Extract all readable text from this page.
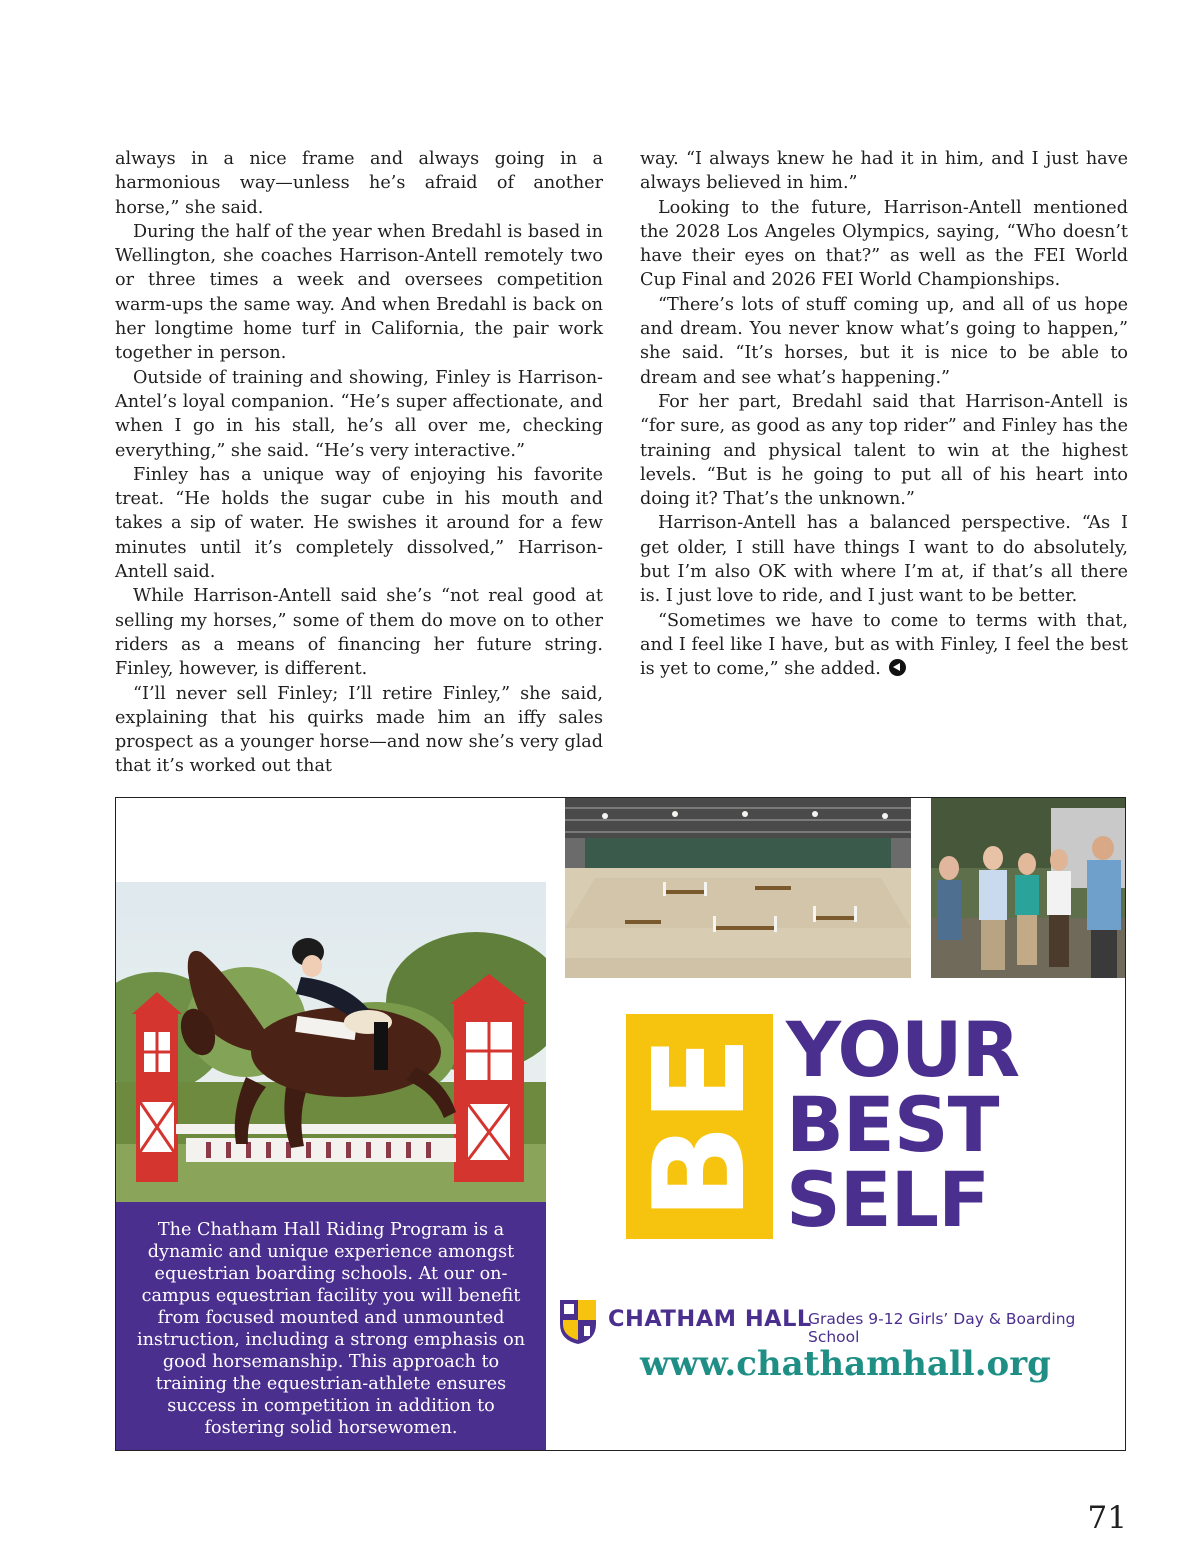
always in a nice frame and always going in a harmonious way—unless he’s afraid of another horse,” she said.

During the half of the year when Bredahl is based in Wellington, she coaches Harrison-Antell remotely two or three times a week and oversees competition warm-ups the same way. And when Bredahl is back on her longtime home turf in California, the pair work together in person.

Outside of training and showing, Finley is Harrison-Antel’s loyal companion. “He’s super affectionate, and when I go in his stall, he’s all over me, checking everything,” she said. “He’s very interactive.”

Finley has a unique way of enjoying his favorite treat. “He holds the sugar cube in his mouth and takes a sip of water. He swishes it around for a few minutes until it’s completely dissolved,” Harrison-Antell said.

While Harrison-Antell said she’s “not real good at selling my horses,” some of them do move on to other riders as a means of financing her future string. Finley, however, is different.

“I’ll never sell Finley; I’ll retire Finley,” she said, explaining that his quirks made him an iffy sales prospect as a younger horse—and now she’s very glad that it’s worked out that

way. “I always knew he had it in him, and I just have always believed in him.”

Looking to the future, Harrison-Antell mentioned the 2028 Los Angeles Olympics, saying, “Who doesn’t have their eyes on that?” as well as the FEI World Cup Final and 2026 FEI World Championships.

“There’s lots of stuff coming up, and all of us hope and dream. You never know what’s going to happen,” she said. “It’s horses, but it is nice to be able to dream and see what’s happening.”

For her part, Bredahl said that Harrison-Antell is “for sure, as good as any top rider” and Finley has the training and physical talent to win at the highest levels. “But is he going to put all of his heart into doing it? That’s the unknown.”

Harrison-Antell has a balanced perspective. “As I get older, I still have things I want to do absolutely, but I’m also OK with where I’m at, if that’s all there is. I just love to ride, and I just want to be better.

“Sometimes we have to come to terms with that, and I feel like I have, but as with Finley, I feel the best is yet to come,” she added.

The Chatham Hall Riding Program is a dynamic and unique experience amongst equestrian boarding schools. At our on-campus equestrian facility you will benefit from focused mounted and unmounted instruction, including a strong emphasis on good horsemanship. This approach to training the equestrian-athlete ensures success in competition in addition to fostering solid horsewomen.
BE YOUR
BEST
SELF
CHATHAM HALL
Grades 9-12 Girls’ Day & Boarding School
www.chathamhall.org
71
